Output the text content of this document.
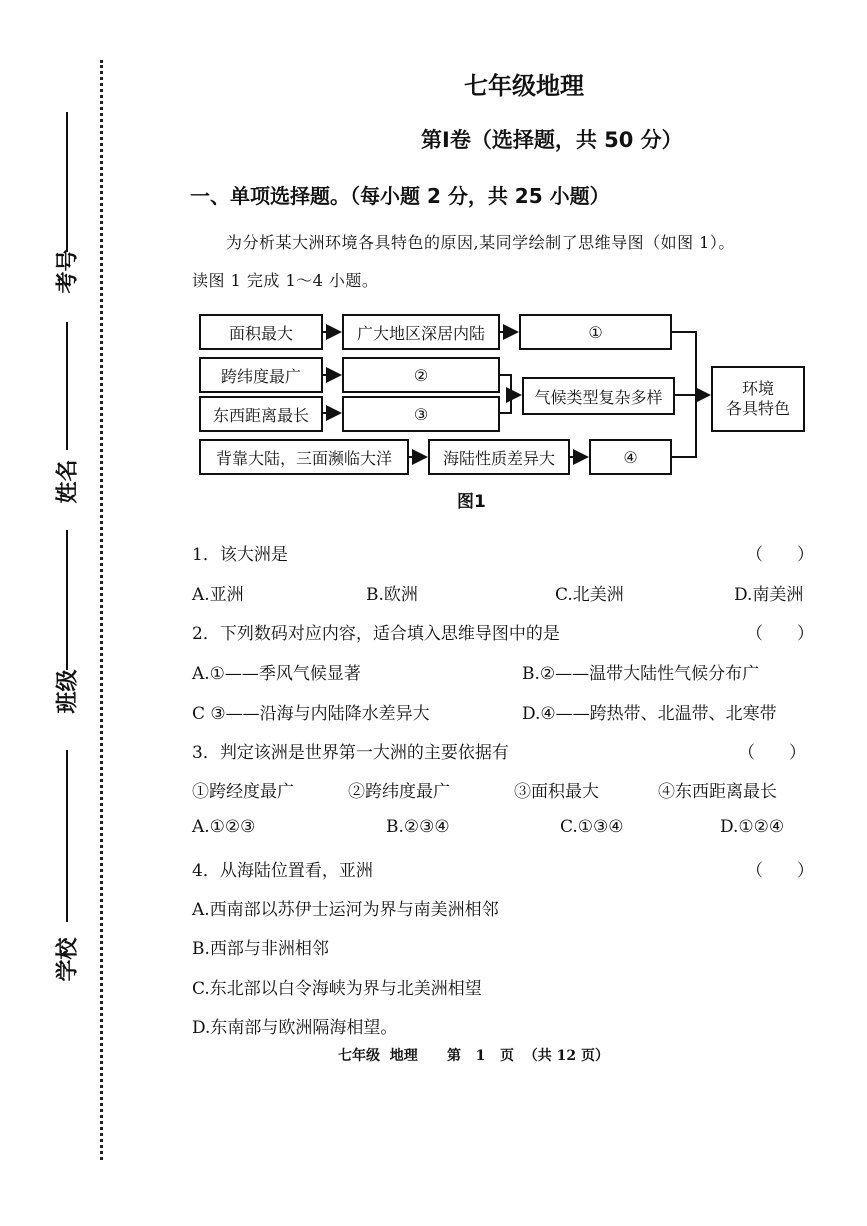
考号
姓名
班级
学校
七年级地理
第Ⅰ卷（选择题，共 50 分）
一、单项选择题。（每小题 2 分，共 25 小题）
为分析某大洲环境各具特色的原因,某同学绘制了思维导图（如图 1）。
读图 1 完成 1～4 小题。
面积最大	广大地区深居内陆	①
跨纬度最广	②
东西距离最长	③
气候类型复杂多样
背靠大陆，三面濒临大洋	海陆性质差异大	④
环境
各具特色
图1
1．该大洲是	（　　）
A.亚洲	B.欧洲	C.北美洲	D.南美洲
2．下列数码对应内容，适合填入思维导图中的是	（　　）
A.①——季风气候显著	B.②——温带大陆性气候分布广
C ③——沿海与内陆降水差异大	D.④——跨热带、北温带、北寒带
3．判定该洲是世界第一大洲的主要依据有	（　　）
①跨经度最广	②跨纬度最广	③面积最大	④东西距离最长
A.①②③	B.②③④	C.①③④	D.①②④
4．从海陆位置看，亚洲	（　　）
A.西南部以苏伊士运河为界与南美洲相邻
B.西部与非洲相邻
C.东北部以白令海峡为界与北美洲相望
D.东南部与欧洲隔海相望。
七年级  地理      第   1   页  （共 12 页）
